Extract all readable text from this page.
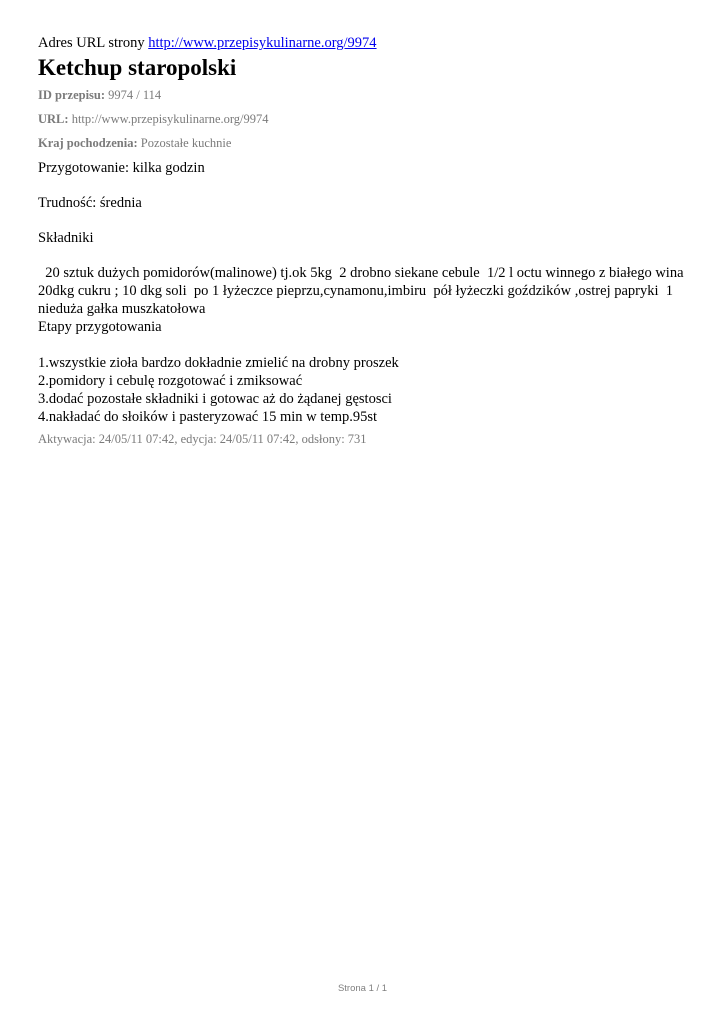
Adres URL strony http://www.przepisykulinarne.org/9974
Ketchup staropolski
ID przepisu: 9974 / 114
URL: http://www.przepisykulinarne.org/9974
Kraj pochodzenia: Pozostałe kuchnie
Przygotowanie: kilka godzin
Trudność: średnia
Składniki
20 sztuk dużych pomidorów(malinowe) tj.ok 5kg  2 drobno siekane cebule  1/2 l octu winnego z białego wina  20dkg cukru ; 10 dkg soli  po 1 łyżeczce pieprzu,cynamonu,imbiru  pół łyżeczki goździków ,ostrej papryki  1 nieduża gałka muszkatołowa
Etapy przygotowania
1.wszystkie zioła bardzo dokładnie zmielić na drobny proszek
2.pomidory i cebulę rozgotować i zmiksować
3.dodać pozostałe składniki i gotowac aż do żądanej gęstosci
4.nakładać do słoików i pasteryzować 15 min w temp.95st
Aktywacja: 24/05/11 07:42, edycja: 24/05/11 07:42, odsłony: 731
Strona 1 / 1
